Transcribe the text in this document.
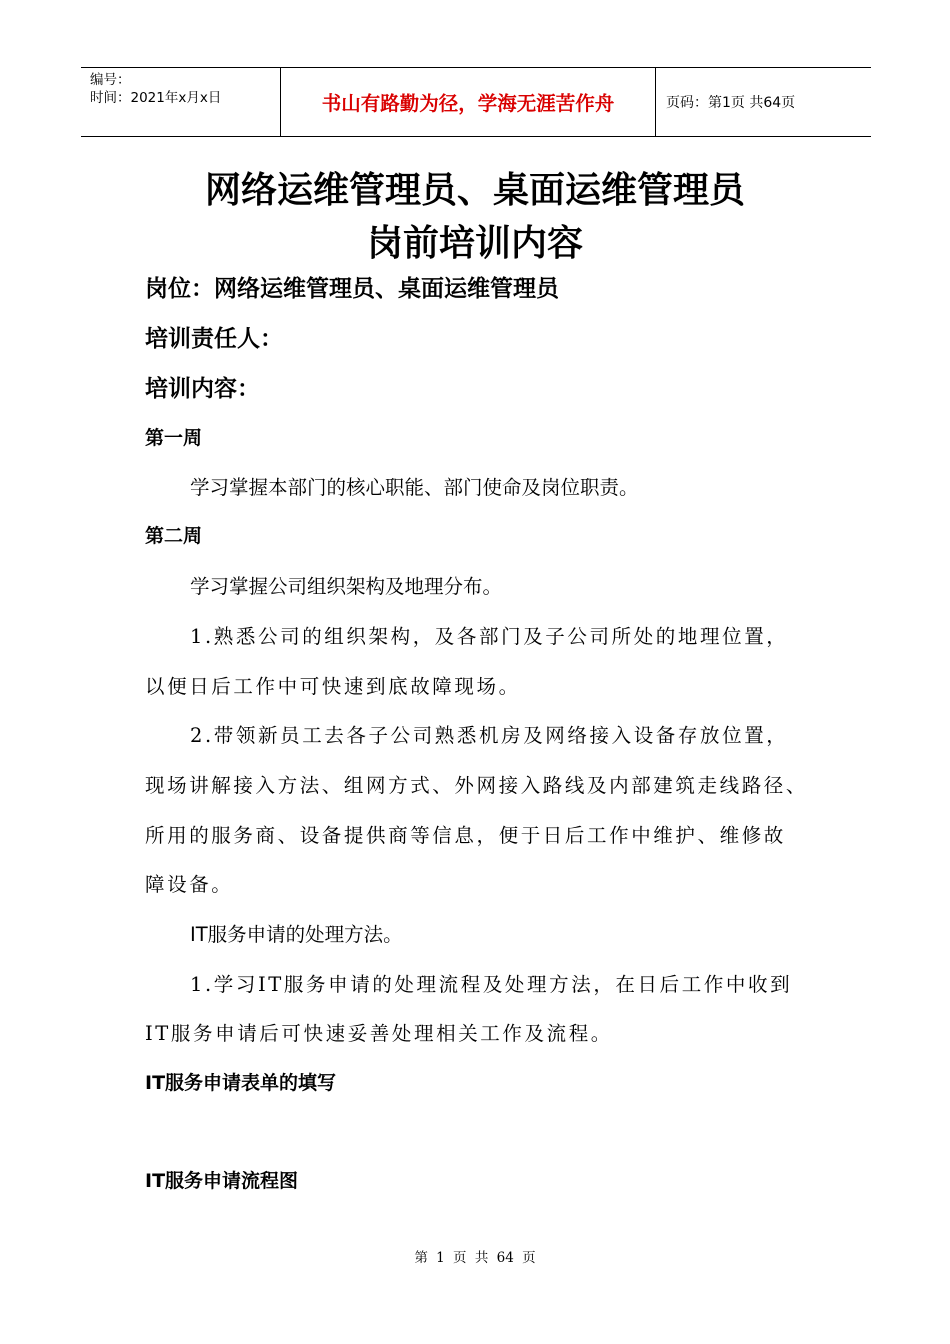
编号：
时间：2021年x月x日	书山有路勤为径，学海无涯苦作舟	页码：第1页 共64页
网络运维管理员、桌面运维管理员
岗前培训内容
岗位：网络运维管理员、桌面运维管理员
培训责任人：
培训内容：
第一周
学习掌握本部门的核心职能、部门使命及岗位职责。
第二周
学习掌握公司组织架构及地理分布。
1.熟悉公司的组织架构，及各部门及子公司所处的地理位置，
以便日后工作中可快速到底故障现场。
2.带领新员工去各子公司熟悉机房及网络接入设备存放位置，
现场讲解接入方法、组网方式、外网接入路线及内部建筑走线路径、
所用的服务商、设备提供商等信息，便于日后工作中维护、维修故
障设备。
IT服务申请的处理方法。
1.学习IT服务申请的处理流程及处理方法，在日后工作中收到
IT服务申请后可快速妥善处理相关工作及流程。
IT服务申请表单的填写
IT服务申请流程图
第 1 页 共 64 页
